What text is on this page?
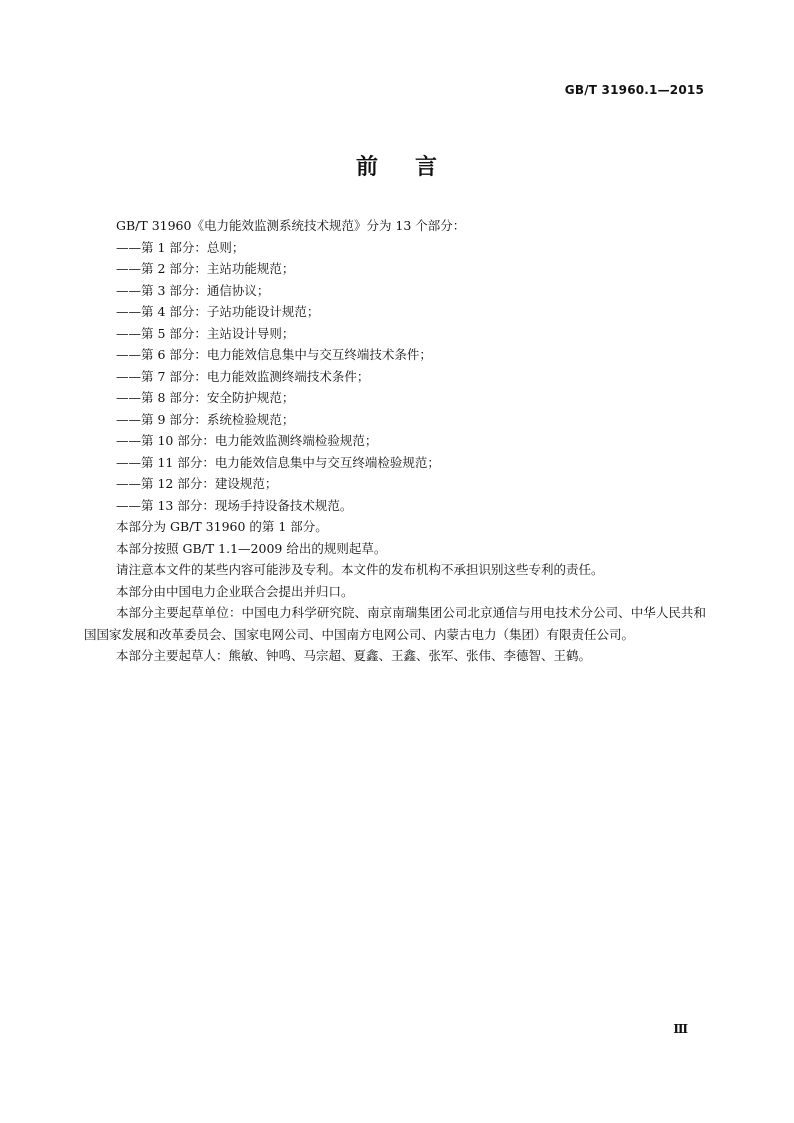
GB/T 31960.1—2015
前 言

GB/T 31960《电力能效监测系统技术规范》分为 13 个部分：

——第 1 部分：总则；

——第 2 部分：主站功能规范；

——第 3 部分：通信协议；

——第 4 部分：子站功能设计规范；

——第 5 部分：主站设计导则；

——第 6 部分：电力能效信息集中与交互终端技术条件；

——第 7 部分：电力能效监测终端技术条件；

——第 8 部分：安全防护规范；

——第 9 部分：系统检验规范；

——第 10 部分：电力能效监测终端检验规范；

——第 11 部分：电力能效信息集中与交互终端检验规范；

——第 12 部分：建设规范；

——第 13 部分：现场手持设备技术规范。

本部分为 GB/T 31960 的第 1 部分。

本部分按照 GB/T 1.1—2009 给出的规则起草。

请注意本文件的某些内容可能涉及专利。本文件的发布机构不承担识别这些专利的责任。

本部分由中国电力企业联合会提出并归口。

本部分主要起草单位：中国电力科学研究院、南京南瑞集团公司北京通信与用电技术分公司、中华人民共和国国家发展和改革委员会、国家电网公司、中国南方电网公司、内蒙古电力（集团）有限责任公司。

本部分主要起草人：熊敏、钟鸣、马宗超、夏鑫、王鑫、张军、张伟、李德智、王鹤。

Ⅲ
